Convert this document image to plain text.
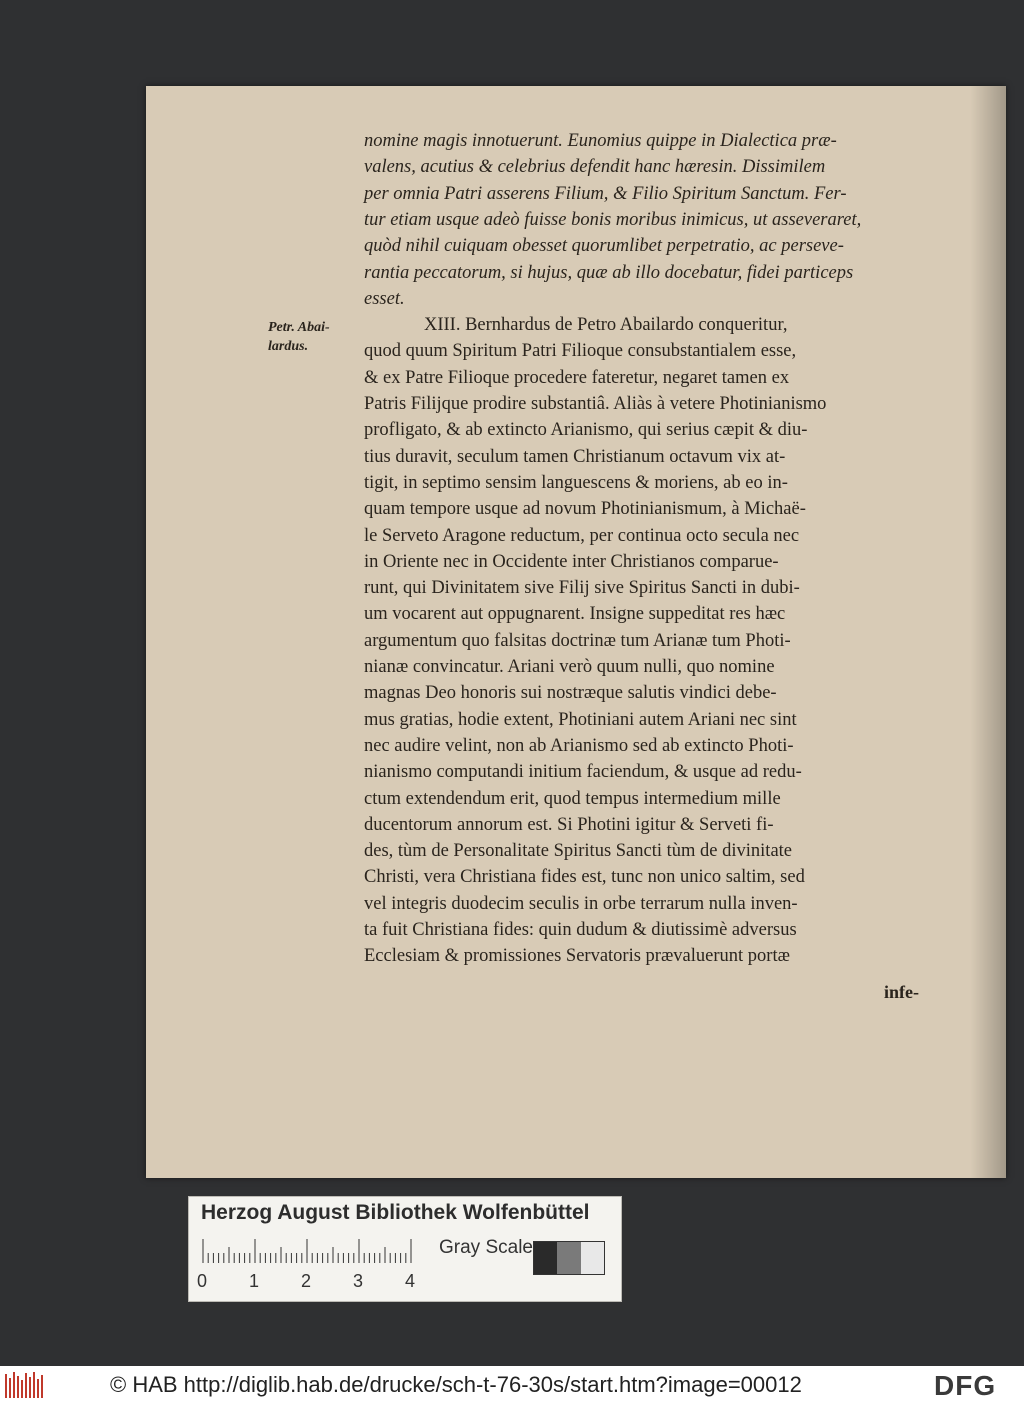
Petr. Abai-
lardus.
nomine magis innotuerunt. Eunomius quippe in Dialectica præ-
valens, acutius & celebrius defendit hanc hæresin. Dissimilem
per omnia Patri asserens Filium, & Filio Spiritum Sanctum. Fer-
tur etiam usque adeò fuisse bonis moribus inimicus, ut asseveraret,
quòd nihil cuiquam obesset quorumlibet perpetratio, ac perseve-
rantia peccatorum, si hujus, quæ ab illo docebatur, fidei particeps
esset.
XIII. Bernhardus de Petro Abailardo conqueritur,
quod quum Spiritum Patri Filioque consubstantialem esse,
& ex Patre Filioque procedere fateretur, negaret tamen ex
Patris Filijque prodire substantiâ. Aliàs à vetere Photinianismo
profligato, & ab extincto Arianismo, qui serius cæpit & diu-
tius duravit, seculum tamen Christianum octavum vix at-
tigit, in septimo sensim languescens & moriens, ab eo in-
quam tempore usque ad novum Photinianismum, à Michaë-
le Serveto Aragone reductum, per continua octo secula nec
in Oriente nec in Occidente inter Christianos comparue-
runt, qui Divinitatem sive Filij sive Spiritus Sancti in dubi-
um vocarent aut oppugnarent. Insigne suppeditat res hæc
argumentum quo falsitas doctrinæ tum Arianæ tum Photi-
nianæ convincatur. Ariani verò quum nulli, quo nomine
magnas Deo honoris sui nostræque salutis vindici debe-
mus gratias, hodie extent, Photiniani autem Ariani nec sint
nec audire velint, non ab Arianismo sed ab extincto Photi-
nianismo computandi initium faciendum, & usque ad redu-
ctum extendendum erit, quod tempus intermedium mille
ducentorum annorum est. Si Photini igitur & Serveti fi-
des, tùm de Personalitate Spiritus Sancti tùm de divinitate
Christi, vera Christiana fides est, tunc non unico saltim, sed
vel integris duodecim seculis in orbe terrarum nulla inven-
ta fuit Christiana fides: quin dudum & diutissimè adversus
Ecclesiam & promissiones Servatoris prævaluerunt portæ
infe-
Herzog August Bibliothek Wolfenbüttel
0 1 2 3 4
Gray Scale
© HAB http://diglib.hab.de/drucke/sch-t-76-30s/start.htm?image=00012	DFG
